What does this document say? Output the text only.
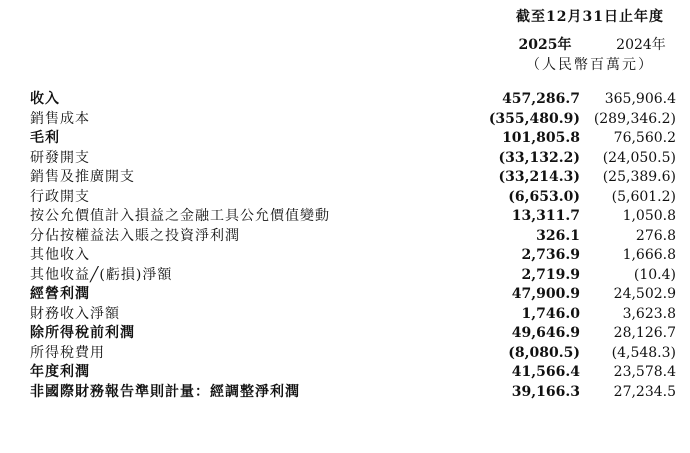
截至12月31日止年度
2025年	2024年
（人民幣百萬元）
收入	457,286.7 365,906.4
銷售成本	(355,480.9) (289,346.2)
毛利	101,805.8 76,560.2
研發開支	(33,132.2) (24,050.5)
銷售及推廣開支	(33,214.3) (25,389.6)
行政開支	(6,653.0) (5,601.2)
按公允價值計入損益之金融工具公允價值變動	13,311.7	1,050.8
分佔按權益法入賬之投資淨利潤	326.1	276.8
其他收入	2,736.9	1,666.8
其他收益╱(虧損)淨額	2,719.9	(10.4)
經營利潤	47,900.9 24,502.9
財務收入淨額	1,746.0	3,623.8
除所得稅前利潤	49,646.9 28,126.7
所得稅費用	(8,080.5) (4,548.3)
年度利潤	41,566.4 23,578.4
非國際財務報告準則計量：經調整淨利潤	39,166.3 27,234.5
